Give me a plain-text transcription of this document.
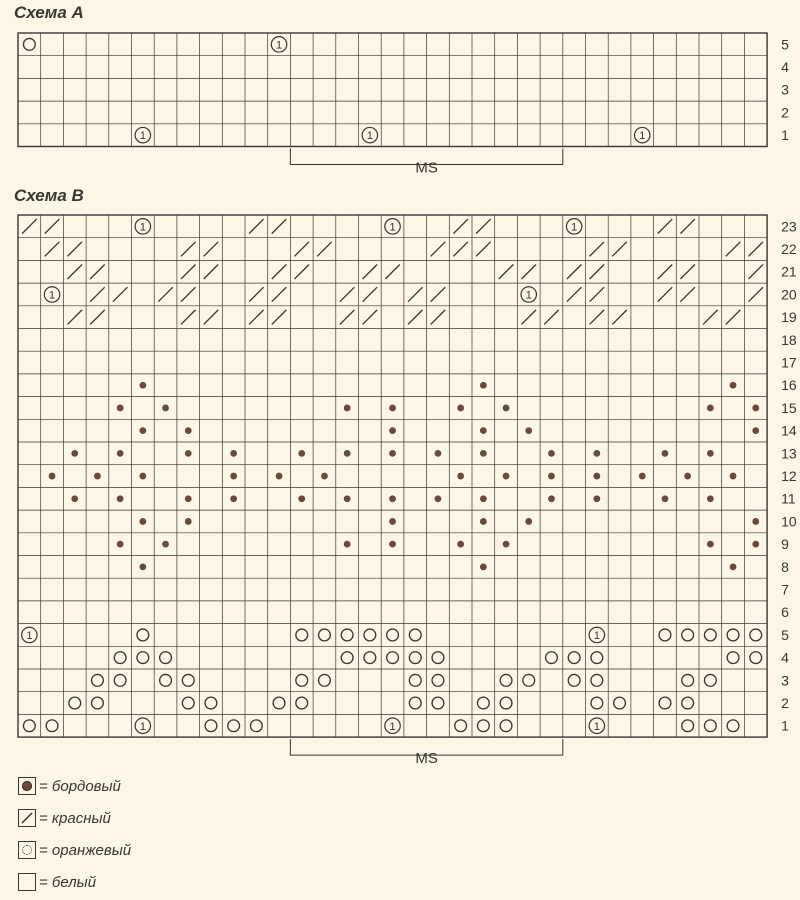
Схема А
Схема В
1
1	1	1
5
4
3
2
1
MS
1	1	1
1	1
1	1
1	1	1
23
22
21
20
19
18
17
16
15
14
13
12
11
10
9
8
7
6
5
4
3
2
1
MS
= бордовый
= красный
= оранжевый
= белый
